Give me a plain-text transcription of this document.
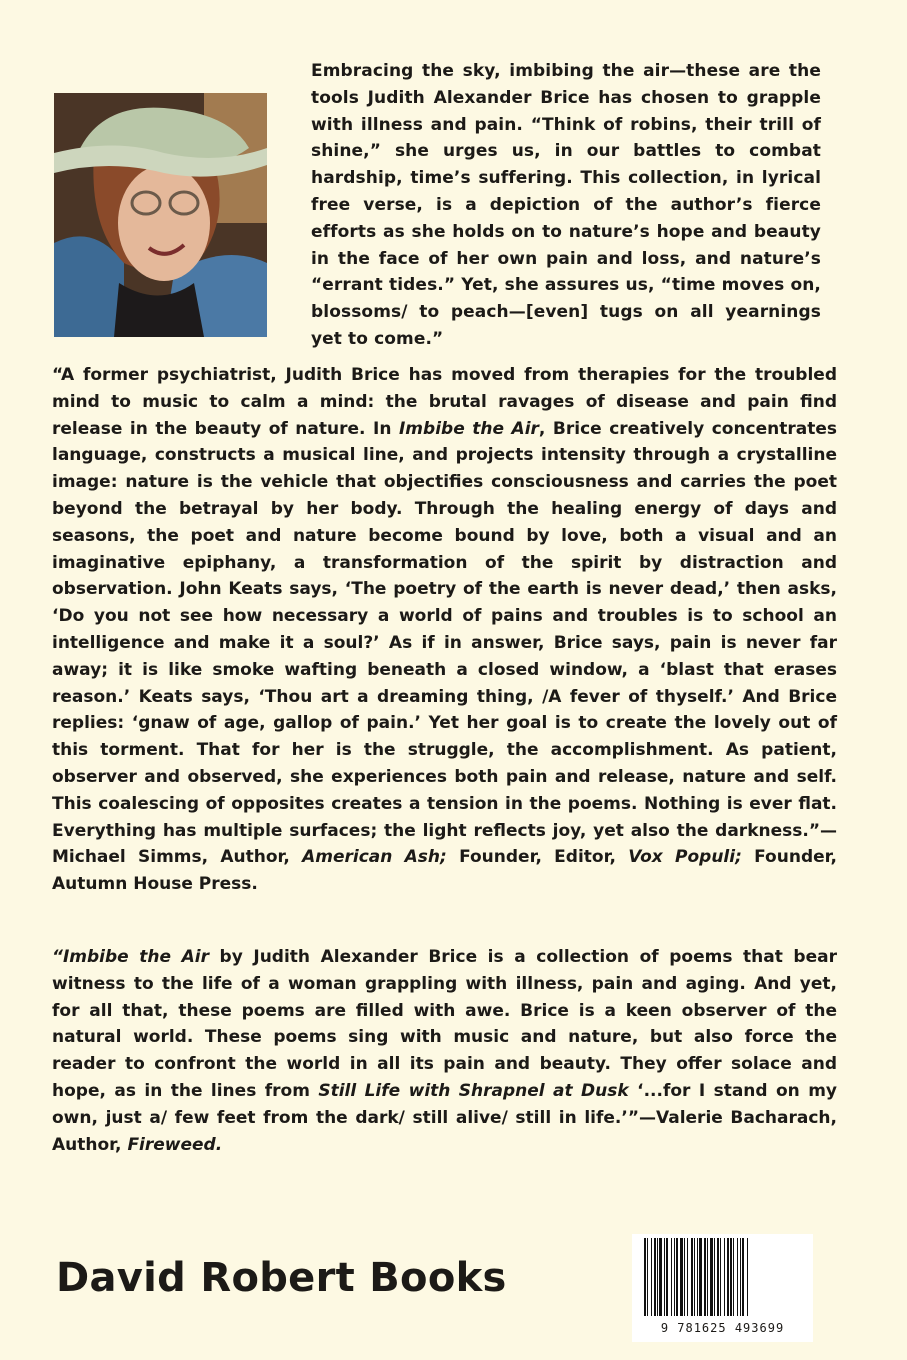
Embracing the sky, imbibing the air—these are the tools Judith Alexander Brice has chosen to grapple with illness and pain. “Think of robins, their trill of shine,” she urges us, in our battles to combat hardship, time’s suffering. This collection, in lyrical free verse, is a depiction of the author’s fierce efforts as she holds on to nature’s hope and beauty in the face of her own pain and loss, and nature’s “errant tides.” Yet, she assures us, “time moves on, blossoms/ to peach—[even] tugs on all yearnings yet to come.”

“A former psychiatrist, Judith Brice has moved from therapies for the troubled mind to music to calm a mind: the brutal ravages of disease and pain find release in the beauty of nature. In Imbibe the Air, Brice creatively concentrates language, constructs a musical line, and projects intensity through a crystalline image: nature is the vehicle that objectifies consciousness and carries the poet beyond the betrayal by her body. Through the healing energy of days and seasons, the poet and nature become bound by love, both a visual and an imaginative epiphany, a transformation of the spirit by distraction and observation. John Keats says, ‘The poetry of the earth is never dead,’ then asks, ‘Do you not see how necessary a world of pains and troubles is to school an intelligence and make it a soul?’ As if in answer, Brice says, pain is never far away; it is like smoke wafting beneath a closed window, a ‘blast that erases reason.’ Keats says, ‘Thou art a dreaming thing, /A fever of thyself.’ And Brice replies: ‘gnaw of age, gallop of pain.’ Yet her goal is to create the lovely out of this torment. That for her is the struggle, the accomplishment. As patient, observer and observed, she experiences both pain and release, nature and self. This coalescing of opposites creates a tension in the poems. Nothing is ever flat. Everything has multiple surfaces; the light reflects joy, yet also the darkness.”—Michael Simms, Author, American Ash; Founder, Editor, Vox Populi; Founder, Autumn House Press.

“Imbibe the Air by Judith Alexander Brice is a collection of poems that bear witness to the life of a woman grappling with illness, pain and aging. And yet, for all that, these poems are filled with awe. Brice is a keen observer of the natural world. These poems sing with music and nature, but also force the reader to confront the world in all its pain and beauty. They offer solace and hope, as in the lines from Still Life with Shrapnel at Dusk ‘...for I stand on my own, just a/ few feet from the dark/ still alive/ still in life.’”—Valerie Bacharach, Author, Fireweed.

David Robert Books

9 781625 493699
